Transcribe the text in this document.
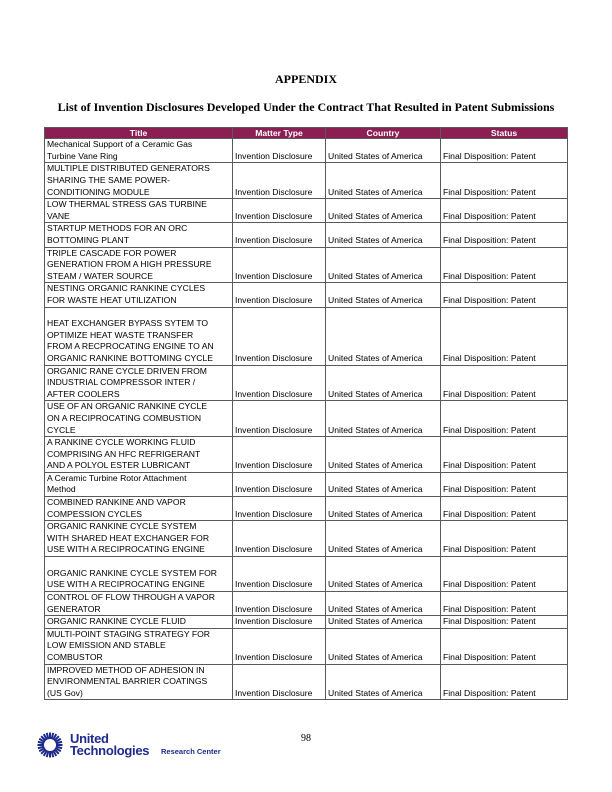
APPENDIX
List of Invention Disclosures Developed Under the Contract That Resulted in Patent Submissions
Title	Matter Type	Country	Status
Mechanical Support of a Ceramic Gas
Turbine Vane Ring	Invention Disclosure	United States of America	Final Disposition: Patent
MULTIPLE DISTRIBUTED GENERATORS
SHARING THE SAME POWER-
CONDITIONING MODULE	Invention Disclosure	United States of America	Final Disposition: Patent
LOW THERMAL STRESS GAS TURBINE
VANE	Invention Disclosure	United States of America	Final Disposition: Patent
STARTUP METHODS FOR AN ORC
BOTTOMING PLANT	Invention Disclosure	United States of America	Final Disposition: Patent
TRIPLE CASCADE FOR POWER
GENERATION FROM A HIGH PRESSURE
STEAM / WATER SOURCE	Invention Disclosure	United States of America	Final Disposition: Patent
NESTING ORGANIC RANKINE CYCLES
FOR WASTE HEAT UTILIZATION	Invention Disclosure	United States of America	Final Disposition: Patent
HEAT EXCHANGER BYPASS SYTEM TO
OPTIMIZE HEAT WASTE TRANSFER
FROM A RECPROCATING ENGINE TO AN
ORGANIC RANKINE BOTTOMING CYCLE	Invention Disclosure	United States of America	Final Disposition: Patent
ORGANIC RANE CYCLE DRIVEN FROM
INDUSTRIAL COMPRESSOR INTER /
AFTER COOLERS	Invention Disclosure	United States of America	Final Disposition: Patent
USE OF AN ORGANIC RANKINE CYCLE
ON A RECIPROCATING COMBUSTION
CYCLE	Invention Disclosure	United States of America	Final Disposition: Patent
A RANKINE CYCLE WORKING FLUID
COMPRISING AN HFC REFRIGERANT
AND A POLYOL ESTER LUBRICANT	Invention Disclosure	United States of America	Final Disposition: Patent
A Ceramic Turbine Rotor Attachment
Method	Invention Disclosure	United States of America	Final Disposition: Patent
COMBINED RANKINE AND VAPOR
COMPESSION CYCLES	Invention Disclosure	United States of America	Final Disposition: Patent
ORGANIC RANKINE CYCLE SYSTEM
WITH SHARED HEAT EXCHANGER FOR
USE WITH A RECIPROCATING ENGINE	Invention Disclosure	United States of America	Final Disposition: Patent
ORGANIC RANKINE CYCLE SYSTEM FOR
USE WITH A RECIPROCATING ENGINE	Invention Disclosure	United States of America	Final Disposition: Patent
CONTROL OF FLOW THROUGH A VAPOR
GENERATOR	Invention Disclosure	United States of America	Final Disposition: Patent
ORGANIC RANKINE CYCLE FLUID	Invention Disclosure	United States of America	Final Disposition: Patent
MULTI-POINT STAGING STRATEGY FOR
LOW EMISSION AND STABLE
COMBUSTOR	Invention Disclosure	United States of America	Final Disposition: Patent
IMPROVED METHOD OF ADHESION IN
ENVIRONMENTAL BARRIER COATINGS
(US Gov)	Invention Disclosure	United States of America	Final Disposition: Patent
98
United
Technologies Research Center
